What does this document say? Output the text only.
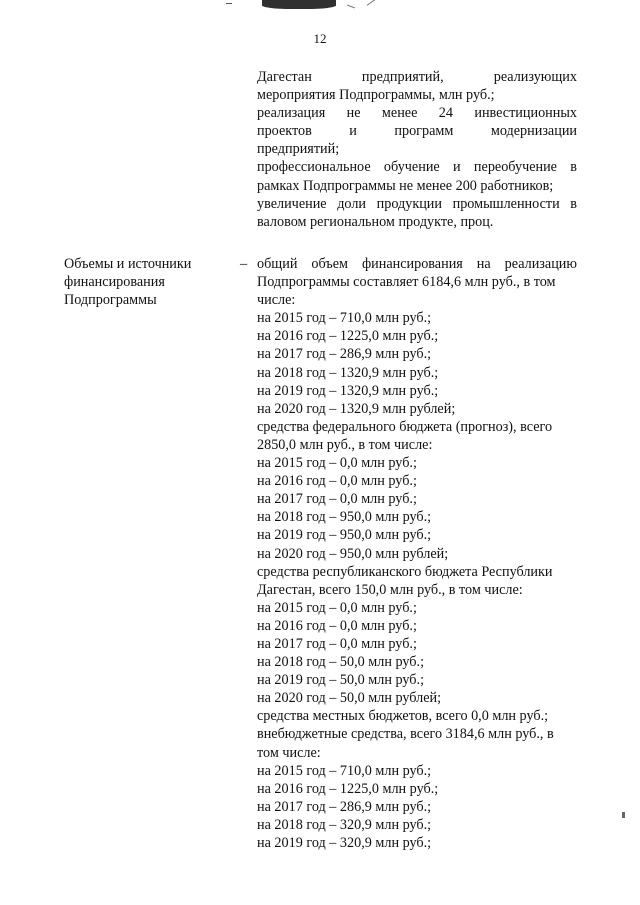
12
Дагестан предприятий, реализующих
мероприятия Подпрограммы, млн руб.;
реализация не менее 24 инвестиционных
проектов и программ модернизации
предприятий;
профессиональное обучение и переобучение в
рамках Подпрограммы не менее 200 работников;
увеличение доли продукции промышленности в
валовом региональном продукте, проц.
Объемы и источники
финансирования
Подпрограммы
– общий объем финансирования на реализацию
Подпрограммы составляет 6184,6 млн руб., в том
числе:
на 2015 год – 710,0 млн руб.;
на 2016 год – 1225,0 млн руб.;
на 2017 год – 286,9 млн руб.;
на 2018 год – 1320,9 млн руб.;
на 2019 год – 1320,9 млн руб.;
на 2020 год – 1320,9 млн рублей;
средства федерального бюджета (прогноз), всего
2850,0 млн руб., в том числе:
на 2015 год – 0,0 млн руб.;
на 2016 год – 0,0 млн руб.;
на 2017 год – 0,0 млн руб.;
на 2018 год – 950,0 млн руб.;
на 2019 год – 950,0 млн руб.;
на 2020 год – 950,0 млн рублей;
средства республиканского бюджета Республики
Дагестан, всего 150,0 млн руб., в том числе:
на 2015 год – 0,0 млн руб.;
на 2016 год – 0,0 млн руб.;
на 2017 год – 0,0 млн руб.;
на 2018 год – 50,0 млн руб.;
на 2019 год – 50,0 млн руб.;
на 2020 год – 50,0 млн рублей;
средства местных бюджетов, всего 0,0 млн руб.;
внебюджетные средства, всего 3184,6 млн руб., в
том числе:
на 2015 год – 710,0 млн руб.;
на 2016 год – 1225,0 млн руб.;
на 2017 год – 286,9 млн руб.;
на 2018 год – 320,9 млн руб.;
на 2019 год – 320,9 млн руб.;
